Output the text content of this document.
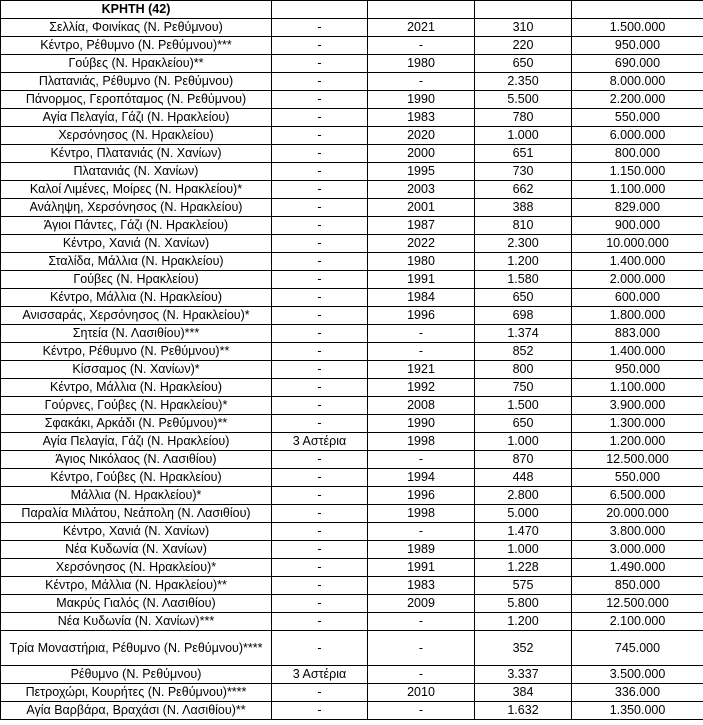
ΚΡΗΤΗ (42)				
Σελλία, Φοινίκας (Ν. Ρεθύμνου)	-	2021	310	1.500.000
Κέντρο, Ρέθυμνο (Ν. Ρεθύμνου)***	-	-	220	950.000
Γούβες (Ν. Ηρακλείου)**	-	1980	650	690.000
Πλατανιάς, Ρέθυμνο (Ν. Ρεθύμνου)	-	-	2.350	8.000.000
Πάνορμος, Γεροπόταμος (Ν. Ρεθύμνου)	-	1990	5.500	2.200.000
Αγία Πελαγία, Γάζι (Ν. Ηρακλείου)	-	1983	780	550.000
Χερσόνησος (Ν. Ηρακλείου)	-	2020	1.000	6.000.000
Κέντρο, Πλατανιάς (Ν. Χανίων)	-	2000	651	800.000
Πλατανιάς (Ν. Χανίων)	-	1995	730	1.150.000
Καλοί Λιμένες, Μοίρες (Ν. Ηρακλείου)*	-	2003	662	1.100.000
Ανάληψη, Χερσόνησος (Ν. Ηρακλείου)	-	2001	388	829.000
Άγιοι Πάντες, Γάζι (Ν. Ηρακλείου)	-	1987	810	900.000
Κέντρο, Χανιά (Ν. Χανίων)	-	2022	2.300	10.000.000
Σταλίδα, Μάλλια (Ν. Ηρακλείου)	-	1980	1.200	1.400.000
Γούβες (Ν. Ηρακλείου)	-	1991	1.580	2.000.000
Κέντρο, Μάλλια (Ν. Ηρακλείου)	-	1984	650	600.000
Ανισσαράς, Χερσόνησος (Ν. Ηρακλείου)*	-	1996	698	1.800.000
Σητεία (Ν. Λασιθίου)***	-	-	1.374	883.000
Κέντρο, Ρέθυμνο (Ν. Ρεθύμνου)**	-	-	852	1.400.000
Κίσσαμος (Ν. Χανίων)*	-	1921	800	950.000
Κέντρο, Μάλλια (Ν. Ηρακλείου)	-	1992	750	1.100.000
Γούρνες, Γούβες (Ν. Ηρακλείου)*	-	2008	1.500	3.900.000
Σφακάκι, Αρκάδι (Ν. Ρεθύμνου)**	-	1990	650	1.300.000
Αγία Πελαγία, Γάζι (Ν. Ηρακλείου)	3 Αστέρια	1998	1.000	1.200.000
Άγιος Νικόλαος (Ν. Λασιθίου)	-	-	870	12.500.000
Κέντρο, Γούβες (Ν. Ηρακλείου)	-	1994	448	550.000
Μάλλια (Ν. Ηρακλείου)*	-	1996	2.800	6.500.000
Παραλία Μιλάτου, Νεάπολη (Ν. Λασιθίου)	-	1998	5.000	20.000.000
Κέντρο, Χανιά (Ν. Χανίων)	-	-	1.470	3.800.000
Νέα Κυδωνία (Ν. Χανίων)	-	1989	1.000	3.000.000
Χερσόνησος (Ν. Ηρακλείου)*	-	1991	1.228	1.490.000
Κέντρο, Μάλλια (Ν. Ηρακλείου)**	-	1983	575	850.000
Μακρύς Γιαλός (Ν. Λασιθίου)	-	2009	5.800	12.500.000
Νέα Κυδωνία (Ν. Χανίων)***	-	-	1.200	2.100.000
Τρία Μοναστήρια, Ρέθυμνο (Ν. Ρεθύμνου)****	-	-	352	745.000
Ρέθυμνο (Ν. Ρεθύμνου)	3 Αστέρια	-	3.337	3.500.000
Πετροχώρι, Κουρήτες (Ν. Ρεθύμνου)****	-	2010	384	336.000
Αγία Βαρβάρα, Βραχάσι (Ν. Λασιθίου)**	-	-	1.632	1.350.000
